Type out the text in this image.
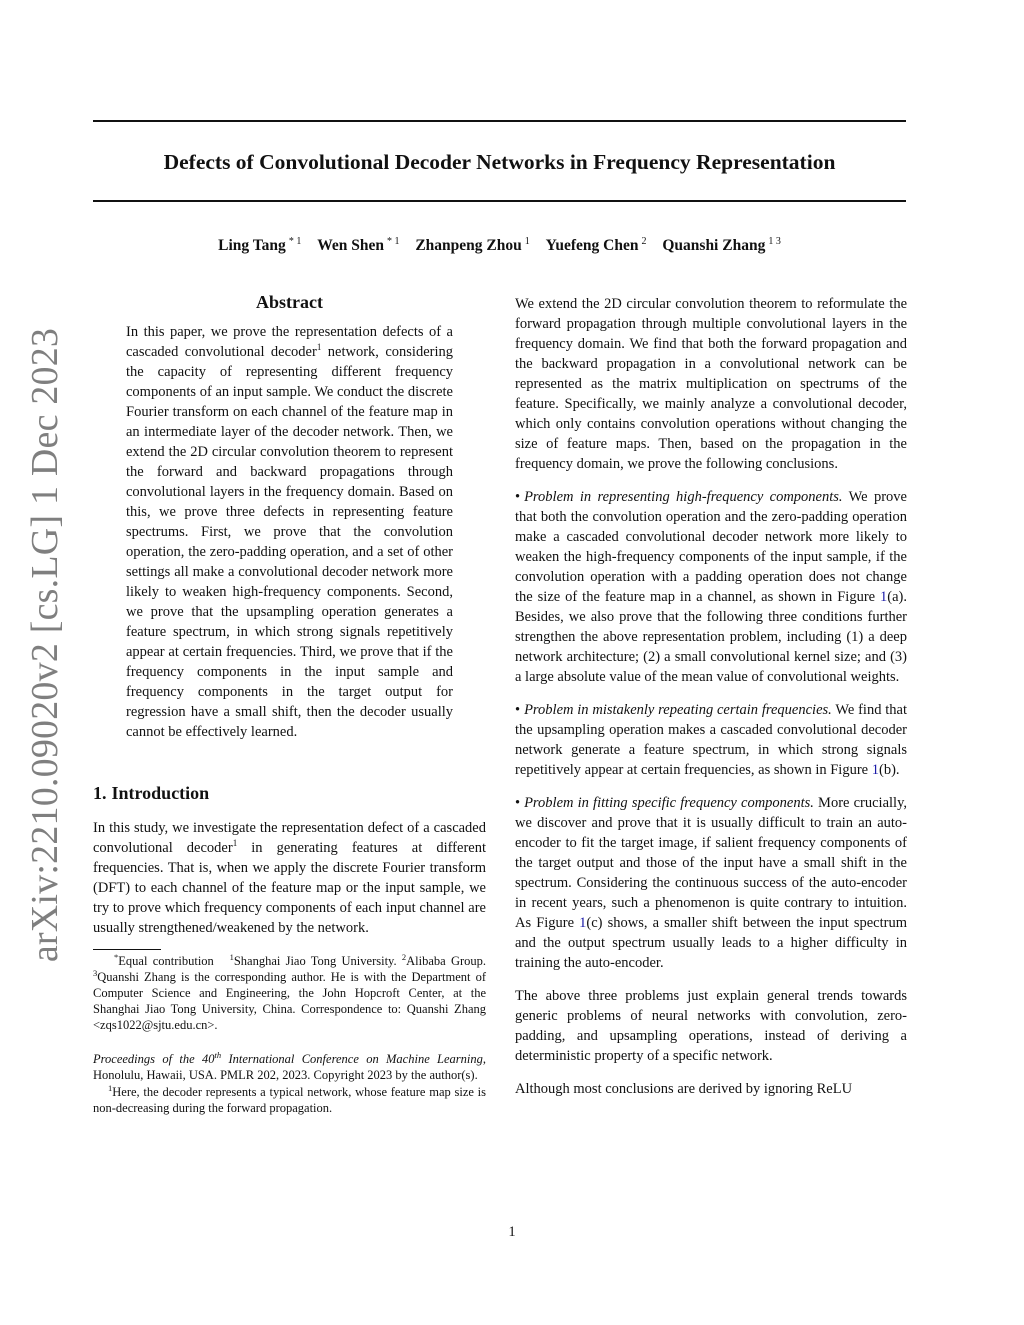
Defects of Convolutional Decoder Networks in Frequency Representation
Ling Tang $^{* 1}$ Wen Shen $^{* 1}$ Zhanpeng Zhou $^1$ Yuefeng Chen $^2$ Quanshi Zhang $^{1 3}$
arXiv:2210.09020v2 [cs.LG] 1 Dec 2023
Abstract

In this paper, we prove the representation defects of a cascaded convolutional decoder$^1$ network, considering the capacity of representing different frequency components of an input sample. We conduct the discrete Fourier transform on each channel of the feature map in an intermediate layer of the decoder network. Then, we extend the 2D circular convolution theorem to represent the forward and backward propagations through convolutional layers in the frequency domain. Based on this, we prove three defects in representing feature spectrums. First, we prove that the convolution operation, the zero-padding operation, and a set of other settings all make a convolutional decoder network more likely to weaken high-frequency components. Second, we prove that the upsampling operation generates a feature spectrum, in which strong signals repetitively appear at certain frequencies. Third, we prove that if the frequency components in the input sample and frequency components in the target output for regression have a small shift, then the decoder usually cannot be effectively learned.

1. Introduction

In this study, we investigate the representation defect of a cascaded convolutional decoder$^1$ in generating features at different frequencies. That is, when we apply the discrete Fourier transform (DFT) to each channel of the feature map or the input sample, we try to prove which frequency components of each input channel are usually strengthened/weakened by the network.

*Equal contribution $^1$Shanghai Jiao Tong University. $^2$Alibaba Group. $^3$Quanshi Zhang is the corresponding author. He is with the Department of Computer Science and Engineering, the John Hopcroft Center, at the Shanghai Jiao Tong University, China. Correspondence to: Quanshi Zhang <zqs1022@sjtu.edu.cn>.

Proceedings of the 40th International Conference on Machine Learning, Honolulu, Hawaii, USA. PMLR 202, 2023. Copyright 2023 by the author(s).

$^1$Here, the decoder represents a typical network, whose feature map size is non-decreasing during the forward propagation.

We extend the 2D circular convolution theorem to reformulate the forward propagation through multiple convolutional layers in the frequency domain. We find that both the forward propagation and the backward propagation in a convolutional network can be represented as the matrix multiplication on spectrums of the feature. Specifically, we mainly analyze a convolutional decoder, which only contains convolution operations without changing the size of feature maps. Then, based on the propagation in the frequency domain, we prove the following conclusions.

• Problem in representing high-frequency components. We prove that both the convolution operation and the zero-padding operation make a cascaded convolutional decoder network more likely to weaken the high-frequency components of the input sample, if the convolution operation with a padding operation does not change the size of the feature map in a channel, as shown in Figure 1(a). Besides, we also prove that the following three conditions further strengthen the above representation problem, including (1) a deep network architecture; (2) a small convolutional kernel size; and (3) a large absolute value of the mean value of convolutional weights.

• Problem in mistakenly repeating certain frequencies. We find that the upsampling operation makes a cascaded convolutional decoder network generate a feature spectrum, in which strong signals repetitively appear at certain frequencies, as shown in Figure 1(b).

• Problem in fitting specific frequency components. More crucially, we discover and prove that it is usually difficult to train an auto-encoder to fit the target image, if salient frequency components of the target output and those of the input have a small shift in the spectrum. Considering the continuous success of the auto-encoder in recent years, such a phenomenon is quite contrary to intuition. As Figure 1(c) shows, a smaller shift between the input spectrum and the output spectrum usually leads to a higher difficulty in training the auto-encoder.

The above three problems just explain general trends towards generic problems of neural networks with convolution, zero-padding, and upsampling operations, instead of deriving a deterministic property of a specific network.

Although most conclusions are derived by ignoring ReLU

1
